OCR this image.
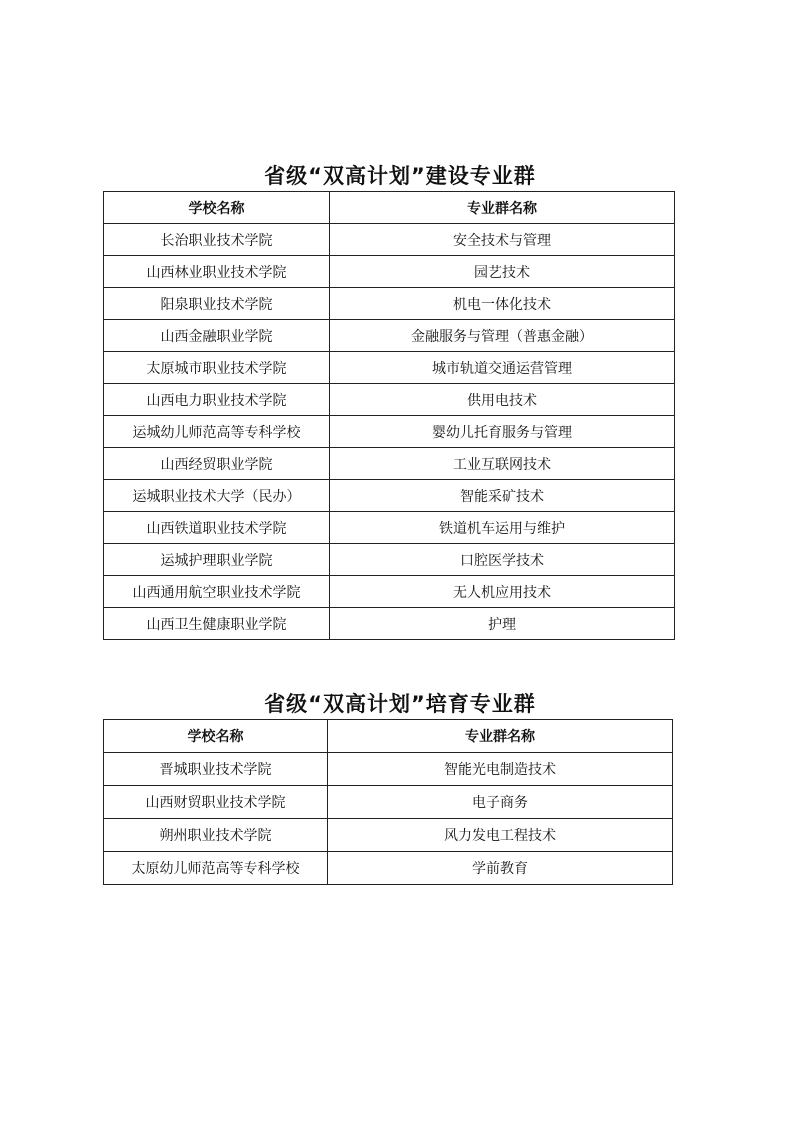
省级“双高计划”建设专业群
学校名称	专业群名称
长治职业技术学院	安全技术与管理
山西林业职业技术学院	园艺技术
阳泉职业技术学院	机电一体化技术
山西金融职业学院	金融服务与管理（普惠金融）
太原城市职业技术学院	城市轨道交通运营管理
山西电力职业技术学院	供用电技术
运城幼儿师范高等专科学校	婴幼儿托育服务与管理
山西经贸职业学院	工业互联网技术
运城职业技术大学（民办）	智能采矿技术
山西铁道职业技术学院	铁道机车运用与维护
运城护理职业学院	口腔医学技术
山西通用航空职业技术学院	无人机应用技术
山西卫生健康职业学院	护理
省级“双高计划”培育专业群
学校名称	专业群名称
晋城职业技术学院	智能光电制造技术
山西财贸职业技术学院	电子商务
朔州职业技术学院	风力发电工程技术
太原幼儿师范高等专科学校	学前教育
